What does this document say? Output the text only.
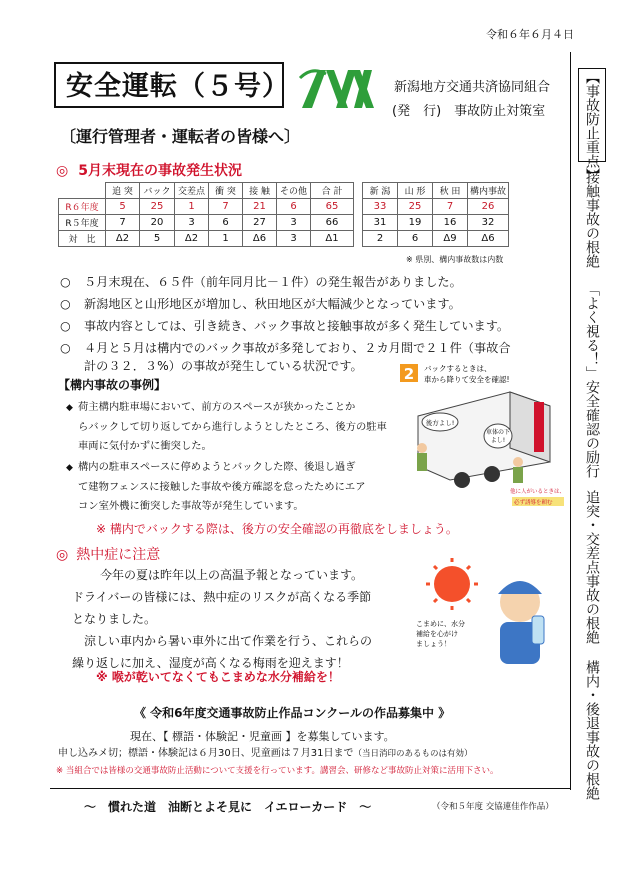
令和６年６月４日
安全運転（５号）	新潟地方交通共済協同組合
(発　行)　事故防止対策室
〔運行管理者・運転者の皆様へ〕
◎ 5月末現在の事故発生状況
	追 突	バック	交差点	衝 突	接 触	その他	合 計		新 潟	山 形	秋 田	構内事故
R６年度	5	25	1	7	21	6	65		33	25	7	26
R５年度	7	20	3	6	27	3	66		31	19	16	32
対　比	Δ2	5	Δ2	1	Δ6	3	Δ1		2	6	Δ9	Δ6
※ 県別、構内事故数は内数
○ ５月末現在、６５件（前年同月比－１件）の発生報告がありました。
○ 新潟地区と山形地区が増加し、秋田地区が大幅減少となっています。
○ 事故内容としては、引き続き、バック事故と接触事故が多く発生しています。
○ ４月と５月は構内でのバック事故が多発しており、２カ月間で２１件（事故合
計の３２．３%）の事故が発生している状況です。
【構内事故の事例】
◆ 荷主構内駐車場において、前方のスペースが狭かったことか
らバックして切り返してから進行しようとしたところ、後方の駐車
車両に気付かずに衝突した。
◆ 構内の駐車スペースに停めようとバックした際、後退し過ぎ
て建物フェンスに接触した事故や後方確認を怠ったためにエア
コン室外機に衝突した事故等が発生しています。
2 バックするときは、
車から降りて安全を確認!
後方よし!
車体の下
よし!
他に人がいるときは、
必ず誘導を頼む
※ 構内でバックする際は、後方の安全確認の再徹底をしましょう。
◎ 熱中症に注意
　今年の夏は昨年以上の高温予報となっています。
ドライバーの皆様には、熱中症のリスクが高くなる季節
となりました。
　涼しい車内から暑い車外に出て作業を行う、これらの
繰り返しに加え、湿度が高くなる梅雨を迎えます！
こまめに、水分
補給を心がけ
ましょう！
※ 喉が乾いてなくてもこまめな水分補給を！
《 令和6年度交通事故防止作品コンクールの作品募集中 》
現在、【 標語・体験記・児童画 】を募集しています。
申し込みメ切；標語・体験記は６月30日、児童画は７月31日まで（当日消印のあるものは有効）
※ 当組合では皆様の交通事故防止活動について支援を行っています。講習会、研修など事故防止対策に活用下さい。
～　慣れた道　油断とよそ見に　イエローカード　～	（令和５年度 交協連佳作作品）
【事故防止重点】
接触事故の根絶
「よく視る！」安全確認の励行
追突・交差点事故の根絶
構内・後退事故の根絶
